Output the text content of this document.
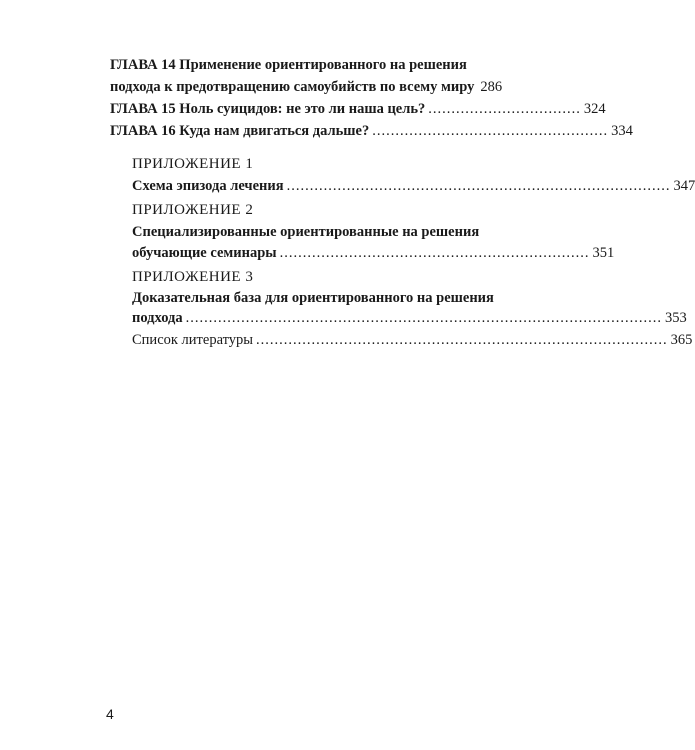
ГЛАВА 14 Применение ориентированного на решения
подхода к предотвращению самоубийств по всему миру 286
ГЛАВА 15 Ноль суицидов: не это ли наша цель? ................................. 324
ГЛАВА 16 Куда нам двигаться дальше? ................................................... 334
ПРИЛОЖЕНИЕ 1
Схема эпизода лечения ................................................................................... 347
ПРИЛОЖЕНИЕ 2
Специализированные ориентированные на решения
обучающие семинары ................................................................... 351
ПРИЛОЖЕНИЕ 3
Доказательная база для ориентированного на решения
подхода ....................................................................................................... 353
Список литературы ......................................................................................... 365
4
